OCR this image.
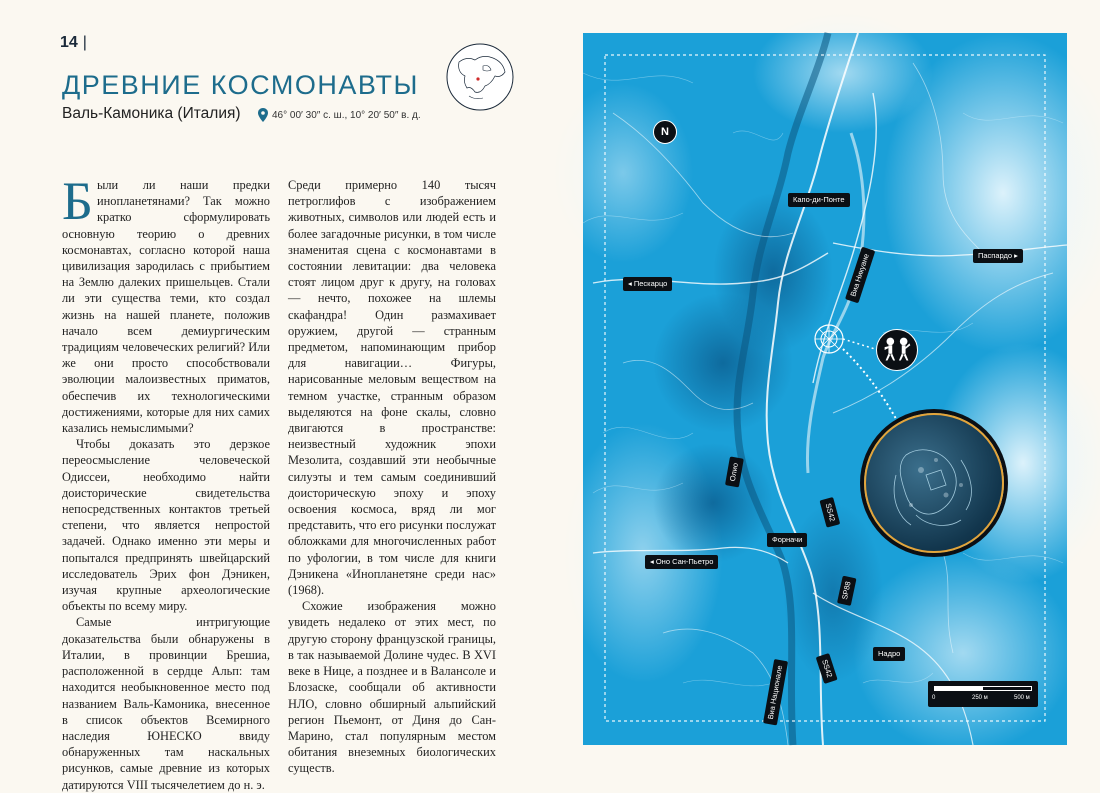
14 |
ДРЕВНИЕ КОСМОНАВТЫ
Валь-Камоника (Италия)	46° 00′ 30″ с. ш., 10° 20′ 50″ в. д.

Были ли наши предки инопланетянами? Так можно кратко сформулировать основную теорию о древних космонавтах, согласно которой наша цивилизация зародилась с прибытием на Землю далеких пришельцев. Стали ли эти существа теми, кто создал жизнь на нашей планете, положив начало всем демиургическим традициям человеческих религий? Или же они просто способствовали эволюции малоизвестных приматов, обеспечив их технологическими достижениями, которые для них самих казались немыслимыми?

Чтобы доказать это дерзкое переосмысление человеческой Одиссеи, необходимо найти доисторические свидетельства непосредственных контактов третьей степени, что является непростой задачей. Однако именно эти меры и попытался предпринять швейцарский исследователь Эрих фон Дэникен, изучая крупные археологические объекты по всему миру.

Самые интригующие доказательства были обнаружены в Италии, в провинции Брешиа, расположенной в сердце Альп: там находится необыкновенное место под названием Валь-Камоника, внесенное в список объектов Всемирного наследия ЮНЕСКО ввиду обнаруженных там наскальных рисунков, самые древние из которых датируются VIII тысячелетием до н. э.

Среди примерно 140 тысяч петроглифов с изображением животных, символов или людей есть и более загадочные рисунки, в том числе знаменитая сцена с космонавтами в состоянии левитации: два человека стоят лицом друг к другу, на головах — нечто, похожее на шлемы скафандра! Один размахивает оружием, другой — странным предметом, напоминающим прибор для навигации… Фигуры, нарисованные меловым веществом на темном участке, странным образом выделяются на фоне скалы, словно двигаются в пространстве: неизвестный художник эпохи Мезолита, создавший эти необычные силуэты и тем самым соединивший доисторическую эпоху и эпоху освоения космоса, вряд ли мог представить, что его рисунки послужат обложками для многочисленных работ по уфологии, в том числе для книги Дэникена «Инопланетяне среди нас» (1968).

Схожие изображения можно увидеть недалеко от этих мест, по другую сторону французской границы, в так называемой Долине чудес. В XVI веке в Нице, а позднее и в Валансоле и Блозаске, сообщали об активности НЛО, словно обширный альпийский регион Пьемонт, от Диня до Сан-Марино, стал популярным местом обитания внеземных биологических существ.

N
Капо-ди-Понте
◂ Пескарцо
Паспардо ▸
Виа Никуане
Олио
SS42
Форначи
◂ Оно Сан-Пьетро
SP88
SS42
Надро
Виа Национале	0	250 м	500 м
